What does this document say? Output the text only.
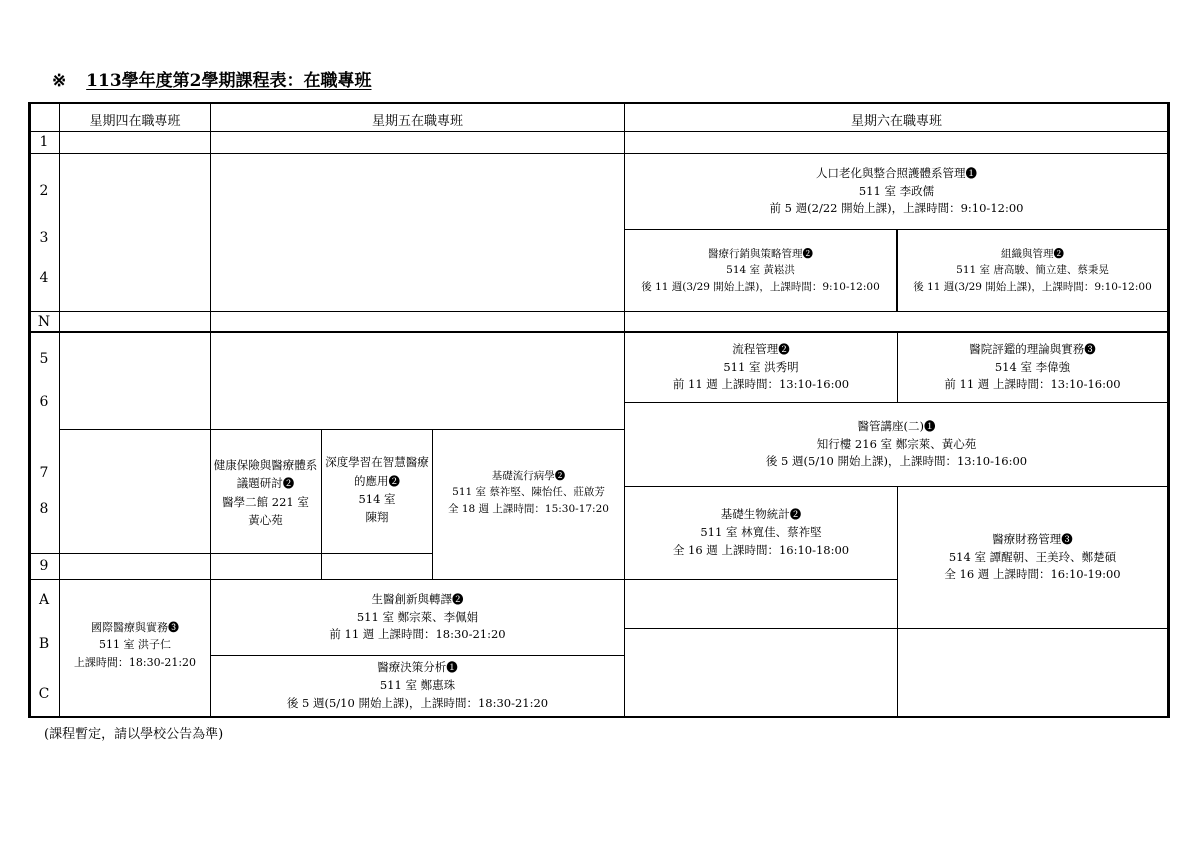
※ 113學年度第2學期課程表：在職專班
星期四在職專班	星期五在職專班	星期六在職專班
1
2
3
4
N
5
6
7
8
9
A
B
C
人口老化與整合照護體系管理❶
511 室 李政儒
前 5 週(2/22 開始上課)，上課時間：9:10-12:00
醫療行銷與策略管理❷
514 室 黃崧洪
後 11 週(3/29 開始上課)，上課時間：9:10-12:00
組織與管理❷
511 室 唐高駿、簡立建、蔡秉晃
後 11 週(3/29 開始上課)，上課時間：9:10-12:00
流程管理❷
511 室 洪秀明
前 11 週 上課時間：13:10-16:00
醫院評鑑的理論與實務❸
514 室 李偉強
前 11 週 上課時間：13:10-16:00
醫管講座(二)❶
知行樓 216 室 鄭宗萊、黃心苑
後 5 週(5/10 開始上課)，上課時間：13:10-16:00
基礎生物統計❷
511 室 林寬佳、蔡祚堅
全 16 週 上課時間：16:10-18:00
醫療財務管理❸
514 室 譚醒朝、王美玲、鄭楚碩
全 16 週 上課時間：16:10-19:00
健康保險與醫療體系議題研討❷
醫學二館 221 室
黃心苑
深度學習在智慧醫療的應用❷
514 室
陳翔
基礎流行病學❷
511 室 蔡祚堅、陳怡任、莊啟芳
全 18 週 上課時間：15:30-17:20
生醫創新與轉譯❷
511 室 鄭宗萊、李佩娟
前 11 週 上課時間：18:30-21:20
醫療決策分析❶
511 室 鄭惠珠
後 5 週(5/10 開始上課)，上課時間：18:30-21:20
國際醫療與實務❸
511 室 洪子仁
上課時間：18:30-21:20
(課程暫定，請以學校公告為準)
